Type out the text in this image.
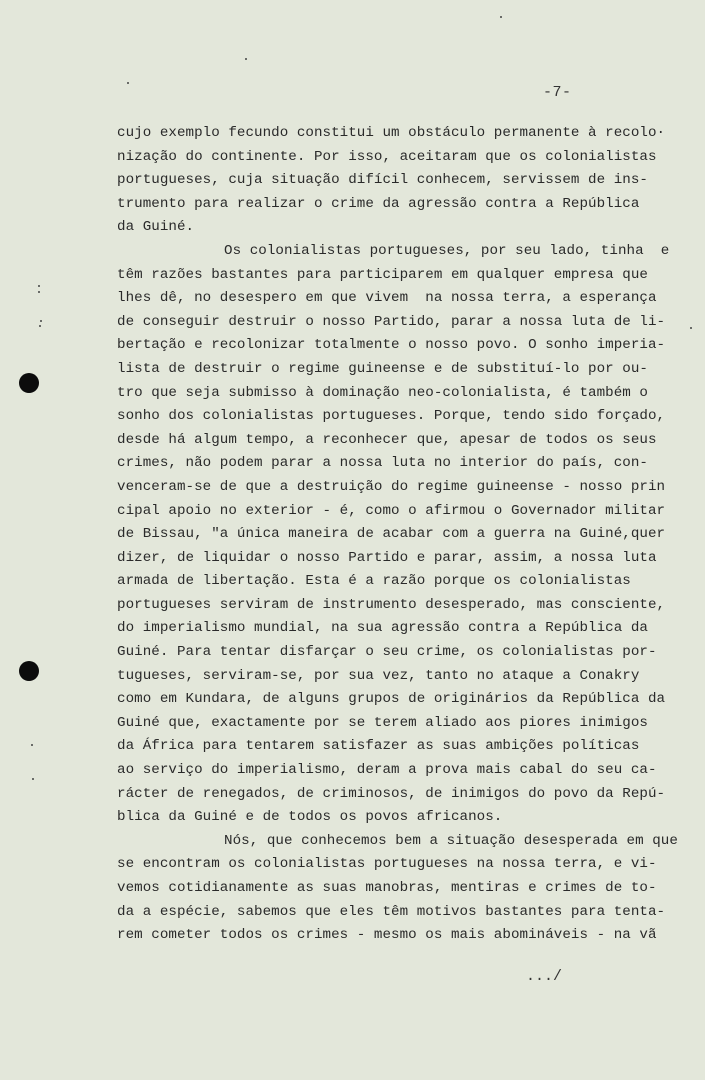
-7-
cujo exemplo fecundo constitui um obstáculo permanente à recolo·
nização do continente. Por isso, aceitaram que os colonialistas
portugueses, cuja situação difícil conhecem, servissem de ins-
trumento para realizar o crime da agressão contra a República
da Guiné.
Os colonialistas portugueses, por seu lado, tinha  e
têm razões bastantes para participarem em qualquer empresa que
lhes dê, no desespero em que vivem  na nossa terra, a esperança
de conseguir destruir o nosso Partido, parar a nossa luta de li-
bertação e recolonizar totalmente o nosso povo. O sonho imperia-
lista de destruir o regime guineense e de substituí-lo por ou-
tro que seja submisso à dominação neo-colonialista, é também o
sonho dos colonialistas portugueses. Porque, tendo sido forçado,
desde há algum tempo, a reconhecer que, apesar de todos os seus
crimes, não podem parar a nossa luta no interior do país, con-
venceram-se de que a destruição do regime guineense - nosso prin
cipal apoio no exterior - é, como o afirmou o Governador militar
de Bissau, "a única maneira de acabar com a guerra na Guiné,quer
dizer, de liquidar o nosso Partido e parar, assim, a nossa luta
armada de libertação. Esta é a razão porque os colonialistas
portugueses serviram de instrumento desesperado, mas consciente,
do imperialismo mundial, na sua agressão contra a República da
Guiné. Para tentar disfarçar o seu crime, os colonialistas por-
tugueses, serviram-se, por sua vez, tanto no ataque a Conakry
como em Kundara, de alguns grupos de originários da República da
Guiné que, exactamente por se terem aliado aos piores inimigos
da África para tentarem satisfazer as suas ambições políticas
ao serviço do imperialismo, deram a prova mais cabal do seu ca-
rácter de renegados, de criminosos, de inimigos do povo da Repú-
blica da Guiné e de todos os povos africanos.
Nós, que conhecemos bem a situação desesperada em que
se encontram os colonialistas portugueses na nossa terra, e vi-
vemos cotidianamente as suas manobras, mentiras e crimes de to-
da a espécie, sabemos que eles têm motivos bastantes para tenta-
rem cometer todos os crimes - mesmo os mais abomináveis - na vã
.../
